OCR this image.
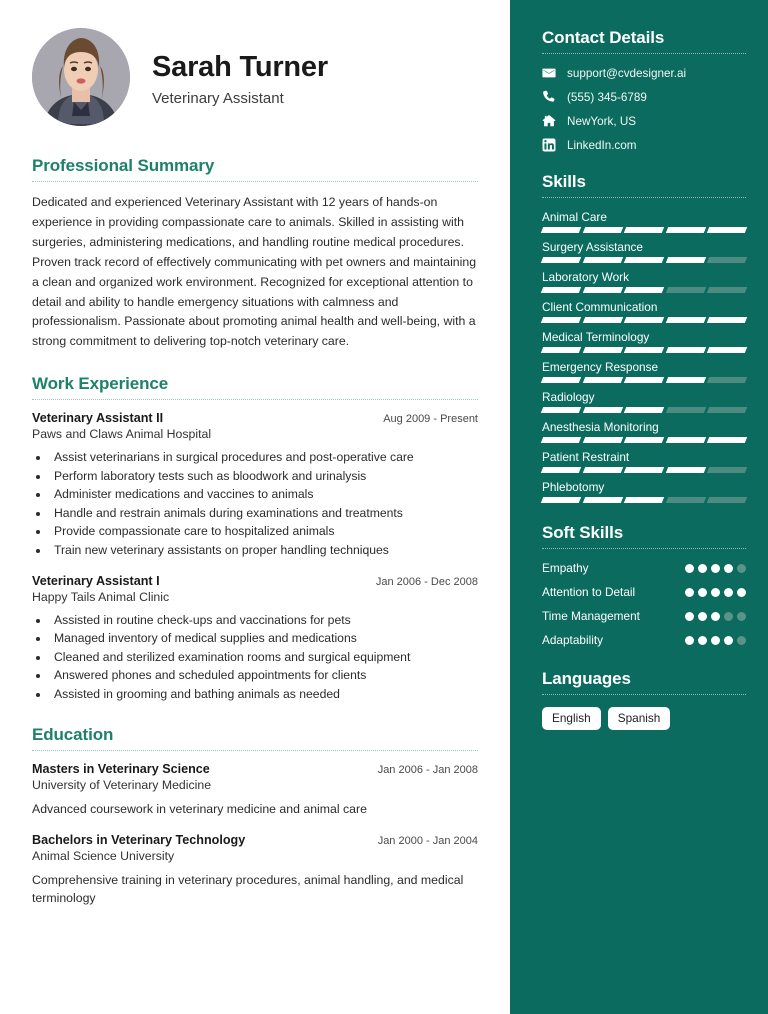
Sarah Turner
Veterinary Assistant
Professional Summary
Dedicated and experienced Veterinary Assistant with 12 years of hands-on experience in providing compassionate care to animals. Skilled in assisting with surgeries, administering medications, and handling routine medical procedures. Proven track record of effectively communicating with pet owners and maintaining a clean and organized work environment. Recognized for exceptional attention to detail and ability to handle emergency situations with calmness and professionalism. Passionate about promoting animal health and well-being, with a strong commitment to delivering top-notch veterinary care.
Work Experience
Veterinary Assistant II	Aug 2009 - Present
Paws and Claws Animal Hospital
• Assist veterinarians in surgical procedures and post-operative care
• Perform laboratory tests such as bloodwork and urinalysis
• Administer medications and vaccines to animals
• Handle and restrain animals during examinations and treatments
• Provide compassionate care to hospitalized animals
• Train new veterinary assistants on proper handling techniques
Veterinary Assistant I	Jan 2006 - Dec 2008
Happy Tails Animal Clinic
• Assisted in routine check-ups and vaccinations for pets
• Managed inventory of medical supplies and medications
• Cleaned and sterilized examination rooms and surgical equipment
• Answered phones and scheduled appointments for clients
• Assisted in grooming and bathing animals as needed
Education
Masters in Veterinary Science	Jan 2006 - Jan 2008
University of Veterinary Medicine
Advanced coursework in veterinary medicine and animal care
Bachelors in Veterinary Technology	Jan 2000 - Jan 2004
Animal Science University
Comprehensive training in veterinary procedures, animal handling, and medical terminology
Contact Details
support@cvdesigner.ai
(555) 345-6789
NewYork, US
LinkedIn.com
Skills
Animal Care
Surgery Assistance
Laboratory Work
Client Communication
Medical Terminology
Emergency Response
Radiology
Anesthesia Monitoring
Patient Restraint
Phlebotomy
Soft Skills
Empathy
Attention to Detail
Time Management
Adaptability
Languages
English	Spanish
